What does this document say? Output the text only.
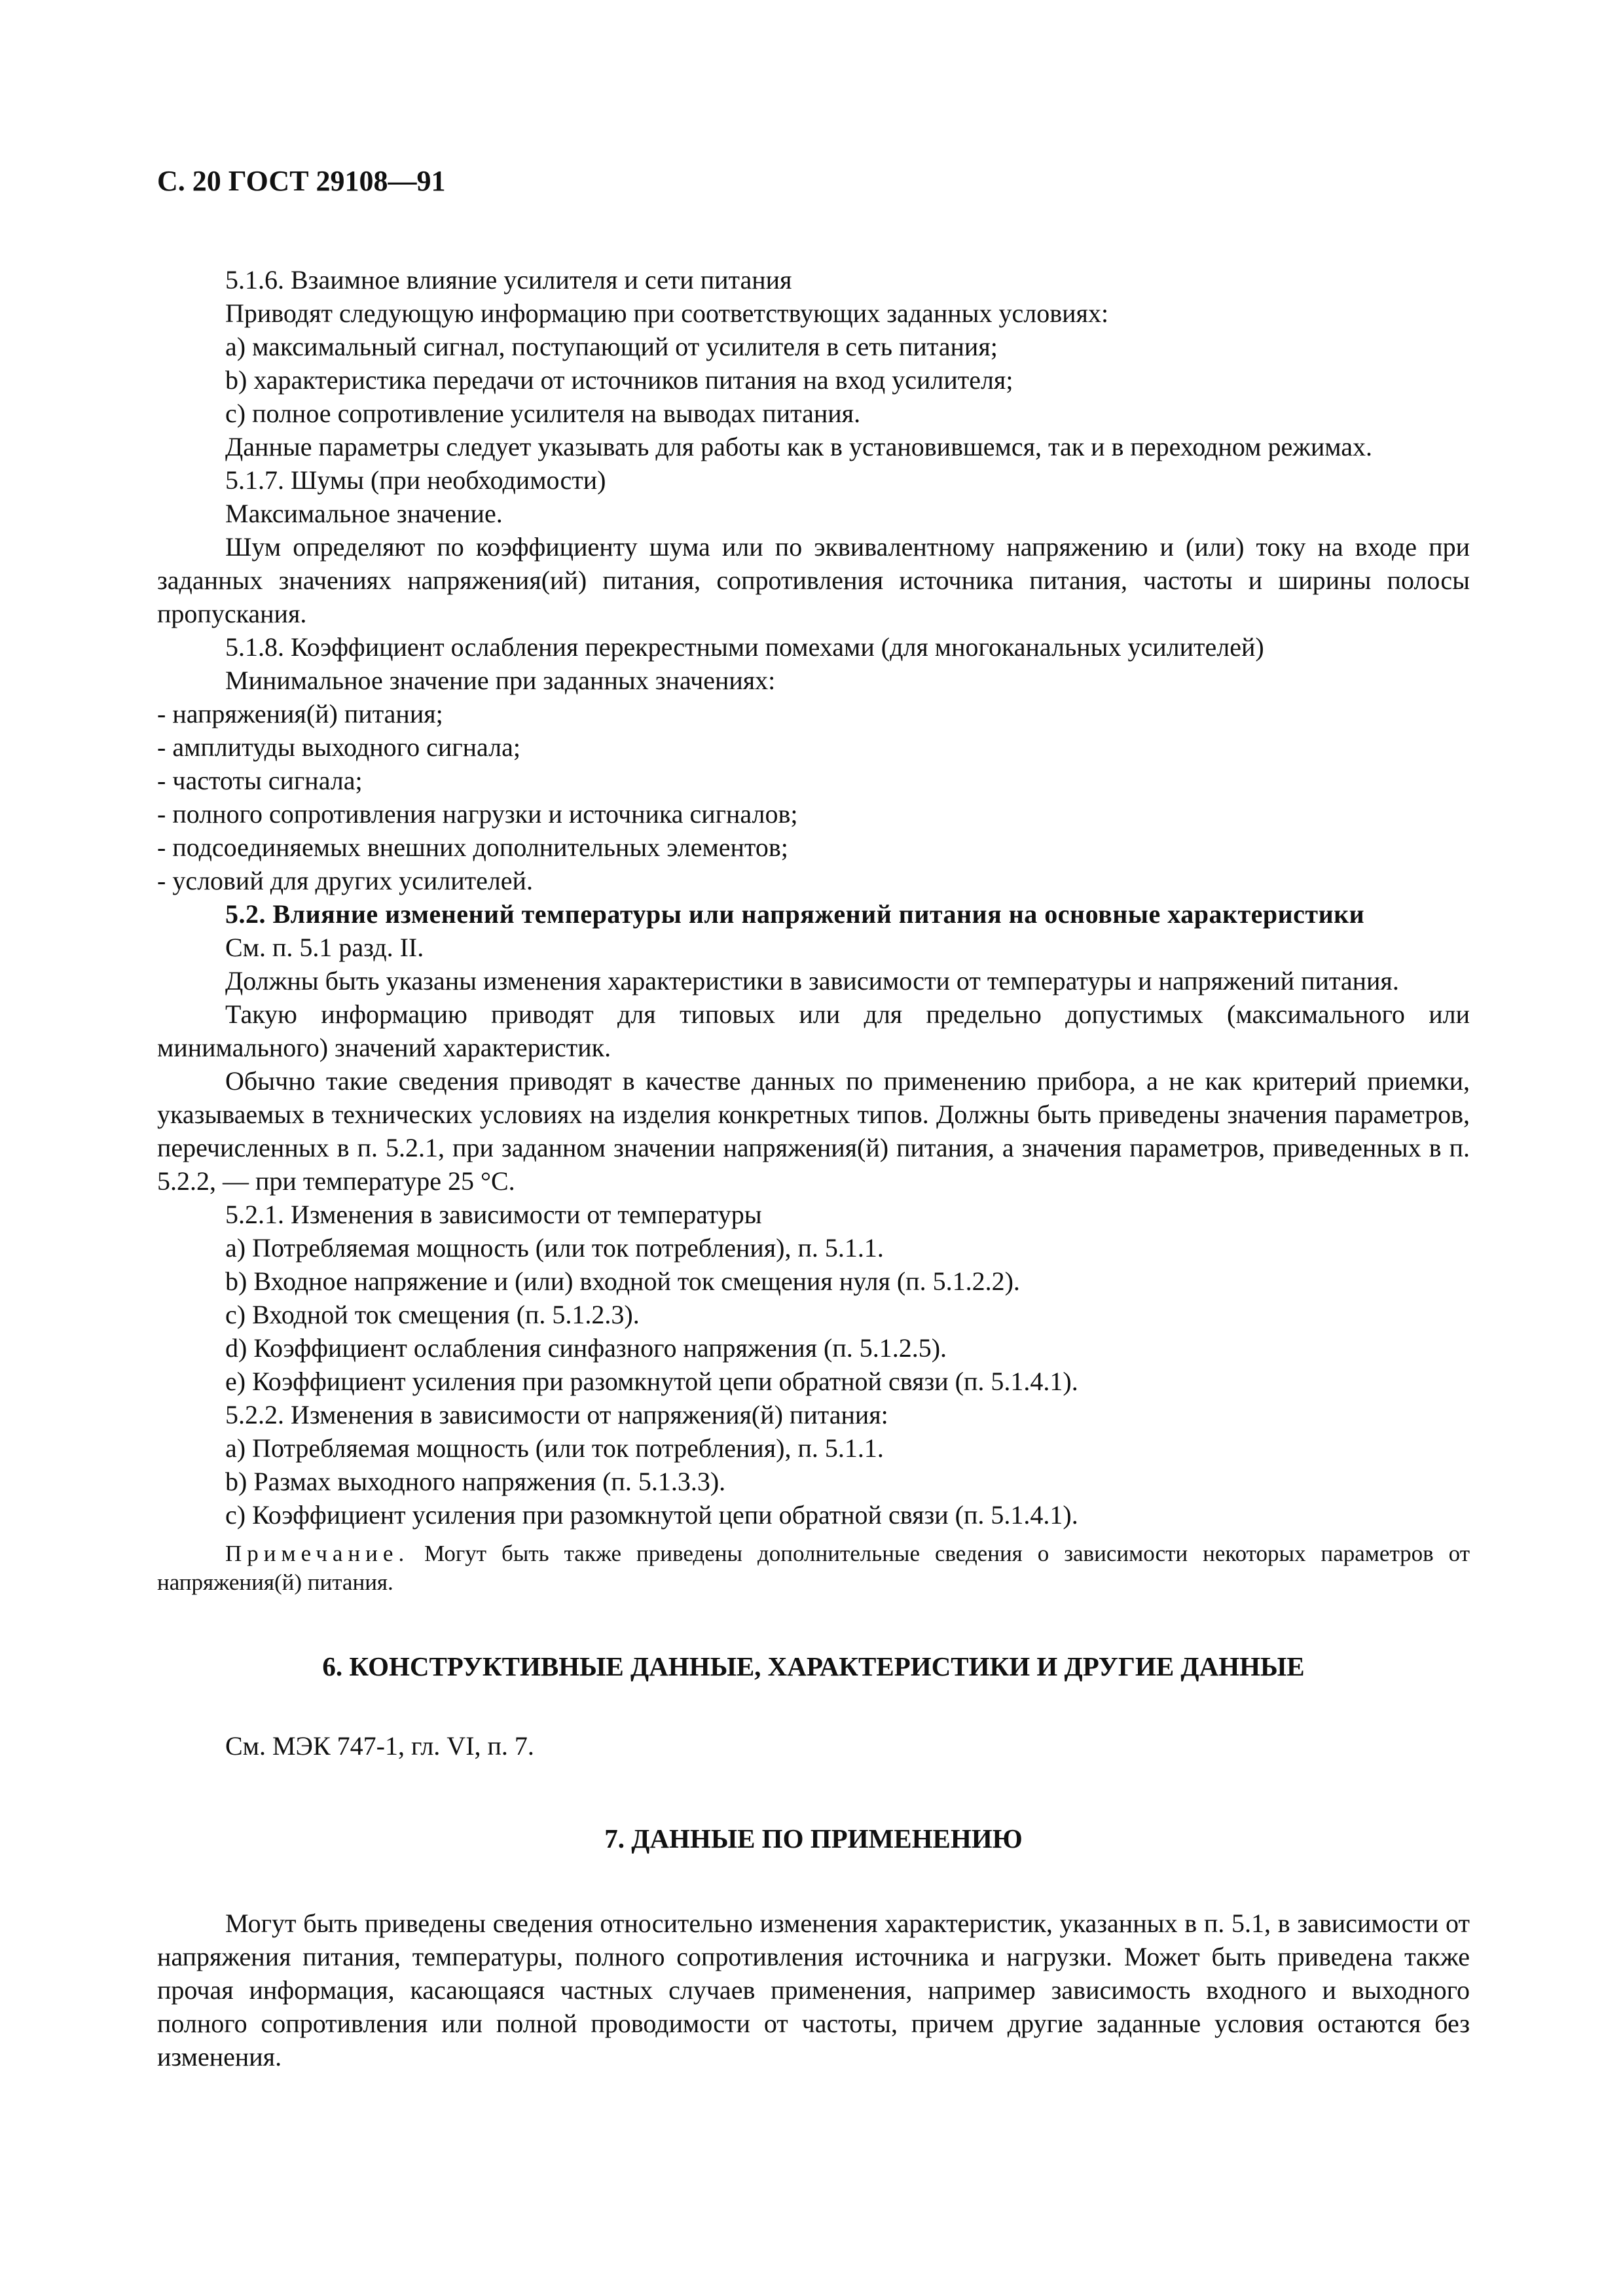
С. 20 ГОСТ 29108—91

5.1.6. Взаимное влияние усилителя и сети питания

Приводят следующую информацию при соответствующих заданных условиях:

а) максимальный сигнал, поступающий от усилителя в сеть питания;

b) характеристика передачи от источников питания на вход усилителя;

с) полное сопротивление усилителя на выводах питания.

Данные параметры следует указывать для работы как в установившемся, так и в переходном режимах.

5.1.7. Шумы (при необходимости)

Максимальное значение.

Шум определяют по коэффициенту шума или по эквивалентному напряжению и (или) току на входе при заданных значениях напряжения(ий) питания, сопротивления источника питания, частоты и ширины полосы пропускания.

5.1.8. Коэффициент ослабления перекрестными помехами (для многоканальных усилителей)

Минимальное значение при заданных значениях:

- напряжения(й) питания;

- амплитуды выходного сигнала;

- частоты сигнала;

- полного сопротивления нагрузки и источника сигналов;

- подсоединяемых внешних дополнительных элементов;

- условий для других усилителей.

5.2. Влияние изменений температуры или напряжений питания на основные характеристики

См. п. 5.1 разд. II.

Должны быть указаны изменения характеристики в зависимости от температуры и напряжений питания.

Такую информацию приводят для типовых или для предельно допустимых (максимального или минимального) значений характеристик.

Обычно такие сведения приводят в качестве данных по применению прибора, а не как критерий приемки, указываемых в технических условиях на изделия конкретных типов. Должны быть приведены значения параметров, перечисленных в п. 5.2.1, при заданном значении напряжения(й) питания, а значения параметров, приведенных в п. 5.2.2, — при температуре 25 °С.

5.2.1. Изменения в зависимости от температуры

а) Потребляемая мощность (или ток потребления), п. 5.1.1.

b) Входное напряжение и (или) входной ток смещения нуля (п. 5.1.2.2).

с) Входной ток смещения (п. 5.1.2.3).

d) Коэффициент ослабления синфазного напряжения (п. 5.1.2.5).

е) Коэффициент усиления при разомкнутой цепи обратной связи (п. 5.1.4.1).

5.2.2. Изменения в зависимости от напряжения(й) питания:

а) Потребляемая мощность (или ток потребления), п. 5.1.1.

b) Размах выходного напряжения (п. 5.1.3.3).

с) Коэффициент усиления при разомкнутой цепи обратной связи (п. 5.1.4.1).

Примечание. Могут быть также приведены дополнительные сведения о зависимости некоторых параметров от напряжения(й) питания.

6. КОНСТРУКТИВНЫЕ ДАННЫЕ, ХАРАКТЕРИСТИКИ И ДРУГИЕ ДАННЫЕ

См. МЭК 747-1, гл. VI, п. 7.

7. ДАННЫЕ ПО ПРИМЕНЕНИЮ

Могут быть приведены сведения относительно изменения характеристик, указанных в п. 5.1, в зависимости от напряжения питания, температуры, полного сопротивления источника и нагрузки. Может быть приведена также прочая информация, касающаяся частных случаев применения, например зависимость входного и выходного полного сопротивления или полной проводимости от частоты, причем другие заданные условия остаются без изменения.
